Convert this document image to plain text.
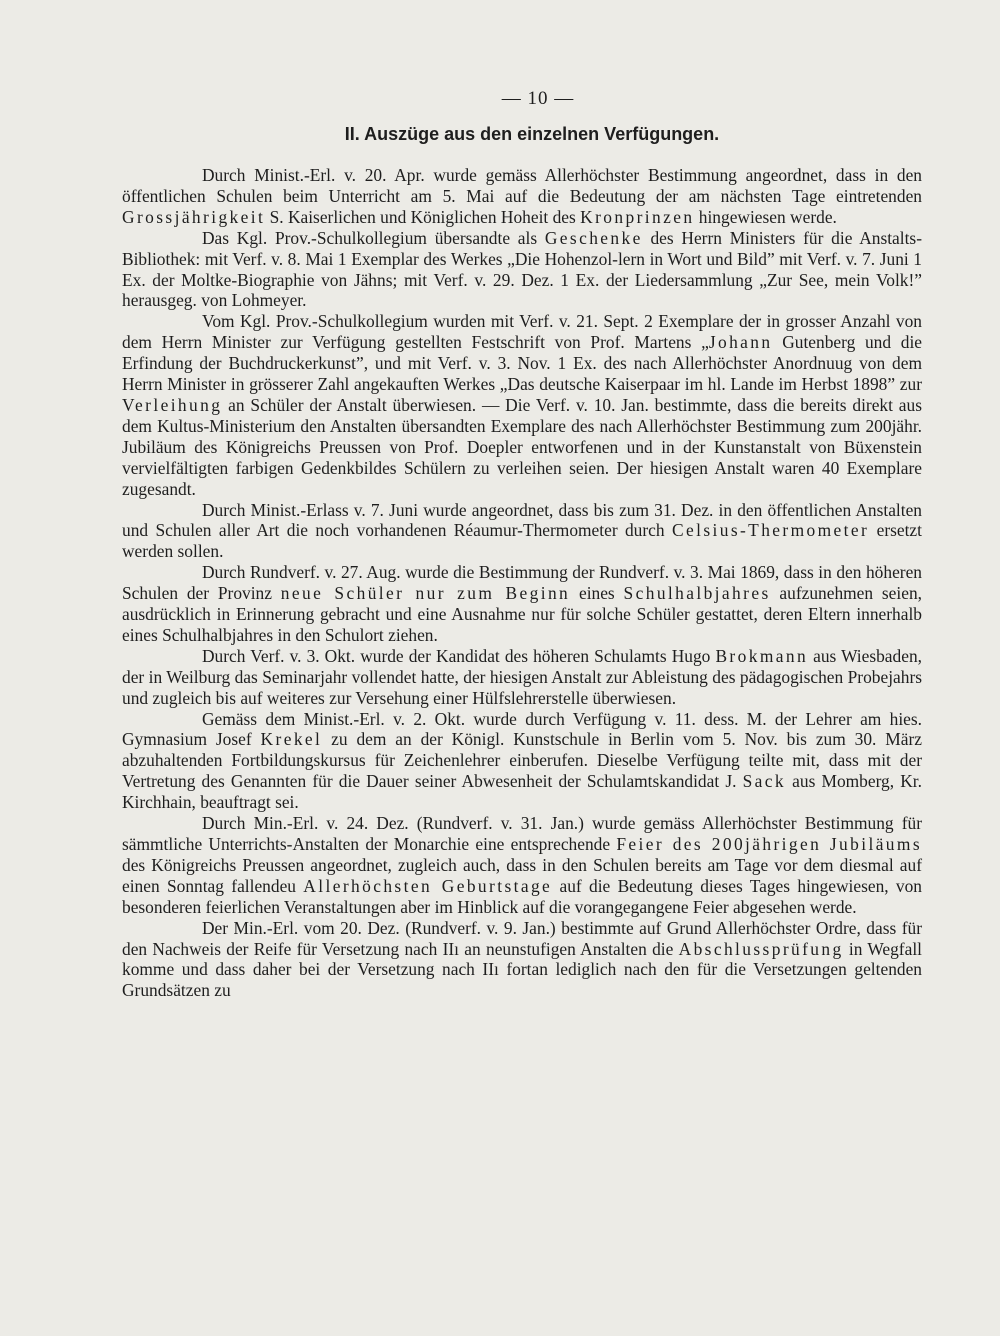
— 10 —
II. Auszüge aus den einzelnen Verfügungen.

Durch Minist.-Erl. v. 20. Apr. wurde gemäss Allerhöchster Bestimmung angeordnet, dass in den öffentlichen Schulen beim Unterricht am 5. Mai auf die Bedeutung der am nächsten Tage eintretenden Grossjährigkeit S. Kaiserlichen und Königlichen Hoheit des Kronprinzen hingewiesen werde.

Das Kgl. Prov.-Schulkollegium übersandte als Geschenke des Herrn Ministers für die Anstalts-Bibliothek: mit Verf. v. 8. Mai 1 Exemplar des Werkes „Die Hohenzol-lern in Wort und Bild” mit Verf. v. 7. Juni 1 Ex. der Moltke-Biographie von Jähns; mit Verf. v. 29. Dez. 1 Ex. der Liedersammlung „Zur See, mein Volk!” herausgeg. von Lohmeyer.

Vom Kgl. Prov.-Schulkollegium wurden mit Verf. v. 21. Sept. 2 Exemplare der in grosser Anzahl von dem Herrn Minister zur Verfügung gestellten Festschrift von Prof. Martens „Johann Gutenberg und die Erfindung der Buchdruckerkunst”, und mit Verf. v. 3. Nov. 1 Ex. des nach Allerhöchster Anordnuug von dem Herrn Minister in grösserer Zahl angekauften Werkes „Das deutsche Kaiserpaar im hl. Lande im Herbst 1898” zur Verleihung an Schüler der Anstalt überwiesen. — Die Verf. v. 10. Jan. bestimmte, dass die bereits direkt aus dem Kultus-Ministerium den Anstalten übersandten Exemplare des nach Allerhöchster Bestimmung zum 200jähr. Jubiläum des Königreichs Preussen von Prof. Doepler entworfenen und in der Kunstanstalt von Büxenstein vervielfältigten farbigen Gedenkbildes Schülern zu verleihen seien. Der hiesigen Anstalt waren 40 Exemplare zugesandt.

Durch Minist.-Erlass v. 7. Juni wurde angeordnet, dass bis zum 31. Dez. in den öffentlichen Anstalten und Schulen aller Art die noch vorhandenen Réaumur-Thermometer durch Celsius-Thermometer ersetzt werden sollen.

Durch Rundverf. v. 27. Aug. wurde die Bestimmung der Rundverf. v. 3. Mai 1869, dass in den höheren Schulen der Provinz neue Schüler nur zum Beginn eines Schulhalbjahres aufzunehmen seien, ausdrücklich in Erinnerung gebracht und eine Ausnahme nur für solche Schüler gestattet, deren Eltern innerhalb eines Schulhalbjahres in den Schulort ziehen.

Durch Verf. v. 3. Okt. wurde der Kandidat des höheren Schulamts Hugo Brokmann aus Wiesbaden, der in Weilburg das Seminarjahr vollendet hatte, der hiesigen Anstalt zur Ableistung des pädagogischen Probejahrs und zugleich bis auf weiteres zur Versehung einer Hülfslehrerstelle überwiesen.

Gemäss dem Minist.-Erl. v. 2. Okt. wurde durch Verfügung v. 11. dess. M. der Lehrer am hies. Gymnasium Josef Krekel zu dem an der Königl. Kunstschule in Berlin vom 5. Nov. bis zum 30. März abzuhaltenden Fortbildungskursus für Zeichenlehrer einberufen. Dieselbe Verfügung teilte mit, dass mit der Vertretung des Genannten für die Dauer seiner Abwesenheit der Schulamtskandidat J. Sack aus Momberg, Kr. Kirchhain, beauftragt sei.

Durch Min.-Erl. v. 24. Dez. (Rundverf. v. 31. Jan.) wurde gemäss Allerhöchster Bestimmung für sämmtliche Unterrichts-Anstalten der Monarchie eine entsprechende Feier des 200jährigen Jubiläums des Königreichs Preussen angeordnet, zugleich auch, dass in den Schulen bereits am Tage vor dem diesmal auf einen Sonntag fallendeu Allerhöchsten Geburtstage auf die Bedeutung dieses Tages hingewiesen, von besonderen feierlichen Veranstaltungen aber im Hinblick auf die vorangegangene Feier abgesehen werde.

Der Min.-Erl. vom 20. Dez. (Rundverf. v. 9. Jan.) bestimmte auf Grund Allerhöchster Ordre, dass für den Nachweis der Reife für Versetzung nach IIı an neunstufigen Anstalten die Abschlussprüfung in Wegfall komme und dass daher bei der Versetzung nach IIı fortan lediglich nach den für die Versetzungen geltenden Grundsätzen zu
